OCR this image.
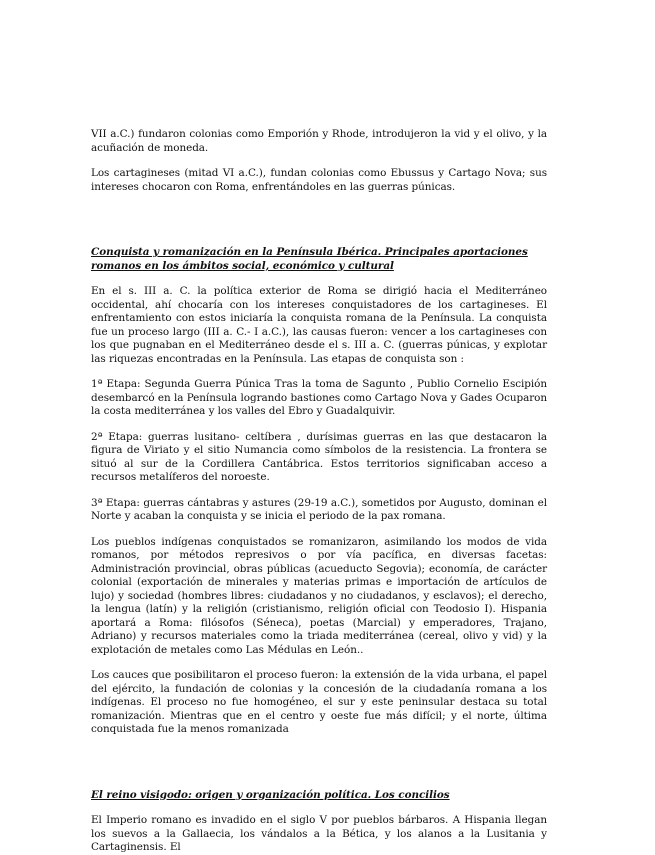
VII a.C.) fundaron colonias como Emporión y Rhode, introdujeron la vid y el olivo, y la acuñación de moneda.

Los cartagineses (mitad VI a.C.), fundan colonias como Ebussus y Cartago Nova; sus intereses chocaron con Roma, enfrentándoles en las guerras púnicas.

Conquista y romanización en la Península Ibérica. Principales aportaciones romanos en los ámbitos social, económico y cultural

En el s. III a. C. la política exterior de Roma se dirigió hacia el Mediterráneo occidental, ahí chocaría con los intereses conquistadores de los cartagineses. El enfrentamiento con estos iniciaría la conquista romana de la Península. La conquista fue un proceso largo (III a. C.- I a.C.), las causas fueron: vencer a los cartagineses con los que pugnaban en el Mediterráneo desde el s. III a. C. (guerras púnicas, y explotar las riquezas encontradas en la Península. Las etapas de conquista son :

1ª Etapa: Segunda Guerra Púnica Tras la toma de Sagunto , Publio Cornelio Escipión desembarcó en la Península logrando bastiones como Cartago Nova y Gades Ocuparon la costa mediterránea y los valles del Ebro y Guadalquivir.

2ª Etapa: guerras lusitano- celtíbera , durísimas guerras en las que destacaron la figura de Viriato y el sitio Numancia como símbolos de la resistencia. La frontera se situó al sur de la Cordillera Cantábrica. Estos territorios significaban acceso a recursos metalíferos del noroeste.

3ª Etapa: guerras cántabras y astures (29-19 a.C.), sometidos por Augusto, dominan el Norte y acaban la conquista y se inicia el periodo de la pax romana.

Los pueblos indígenas conquistados se romanizaron, asimilando los modos de vida romanos, por métodos represivos o por vía pacífica, en diversas facetas: Administración provincial, obras públicas (acueducto Segovia); economía, de carácter colonial (exportación de minerales y materias primas e importación de artículos de lujo) y sociedad (hombres libres: ciudadanos y no ciudadanos, y esclavos); el derecho, la lengua (latín) y la religión (cristianismo, religión oficial con Teodosio I). Hispania aportará a Roma: filósofos (Séneca), poetas (Marcial) y emperadores, Trajano, Adriano) y recursos materiales como la triada mediterránea (cereal, olivo y vid) y la explotación de metales como Las Médulas en León..

Los cauces que posibilitaron el proceso fueron: la extensión de la vida urbana, el papel del ejército, la fundación de colonias y la concesión de la ciudadanía romana a los indígenas. El proceso no fue homogéneo, el sur y este peninsular destaca su total romanización. Mientras que en el centro y oeste fue más difícil; y el norte, última conquistada fue la menos romanizada

El reino visigodo: origen y organización política. Los concilios

El Imperio romano es invadido en el siglo V por pueblos bárbaros. A Hispania llegan los suevos a la Gallaecia, los vándalos a la Bética, y los alanos a la Lusitania y Cartaginensis. El
